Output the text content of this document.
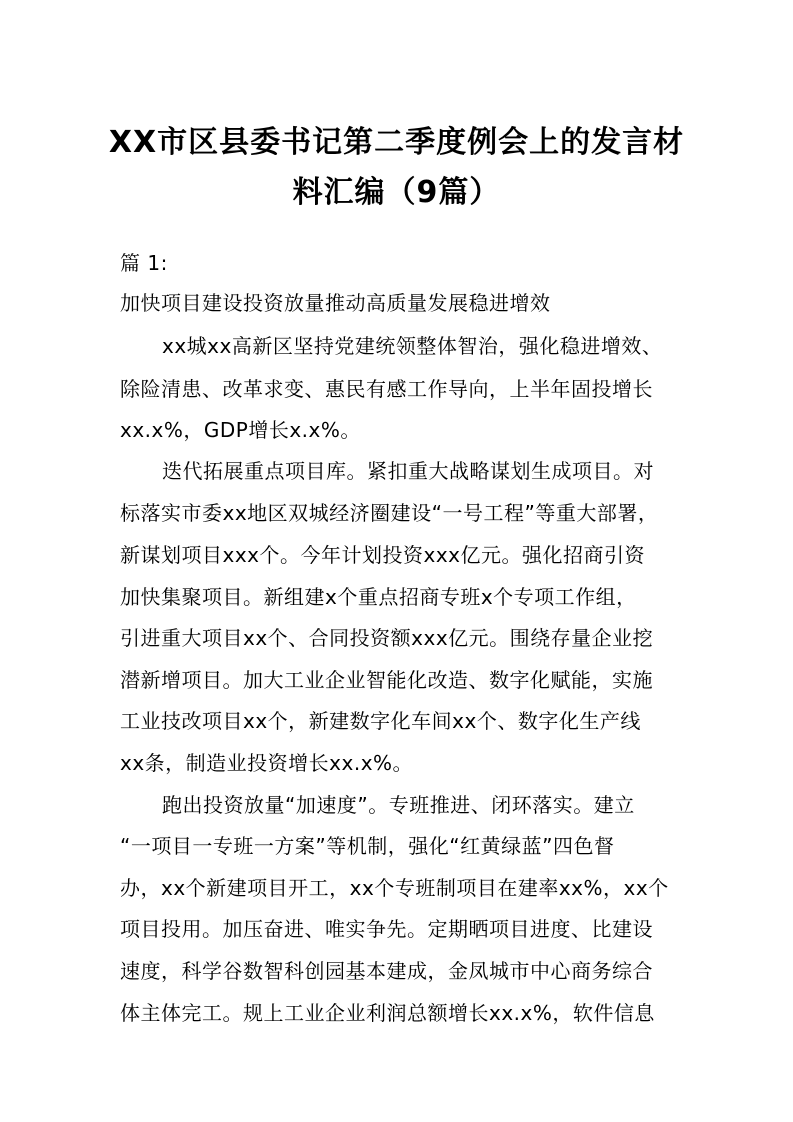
XX市区县委书记第二季度例会上的发言材
料汇编（9篇）
篇 1:
加快项目建设投资放量推动高质量发展稳进增效
xx城xx高新区坚持党建统领整体智治，强化稳进增效、
除险清患、改革求变、惠民有感工作导向，上半年固投增长
xx.x%，GDP增长x.x%。
迭代拓展重点项目库。紧扣重大战略谋划生成项目。对
标落实市委xx地区双城经济圈建设“一号工程”等重大部署，
新谋划项目xxx个。今年计划投资xxx亿元。强化招商引资
加快集聚项目。新组建x个重点招商专班x个专项工作组，
引进重大项目xx个、合同投资额xxx亿元。围绕存量企业挖
潜新增项目。加大工业企业智能化改造、数字化赋能，实施
工业技改项目xx个，新建数字化车间xx个、数字化生产线
xx条，制造业投资增长xx.x%。
跑出投资放量“加速度”。专班推进、闭环落实。建立
“一项目一专班一方案”等机制，强化“红黄绿蓝”四色督
办，xx个新建项目开工，xx个专班制项目在建率xx%，xx个
项目投用。加压奋进、唯实争先。定期晒项目进度、比建设
速度，科学谷数智科创园基本建成，金凤城市中心商务综合
体主体完工。规上工业企业利润总额增长xx.x%，软件信息
